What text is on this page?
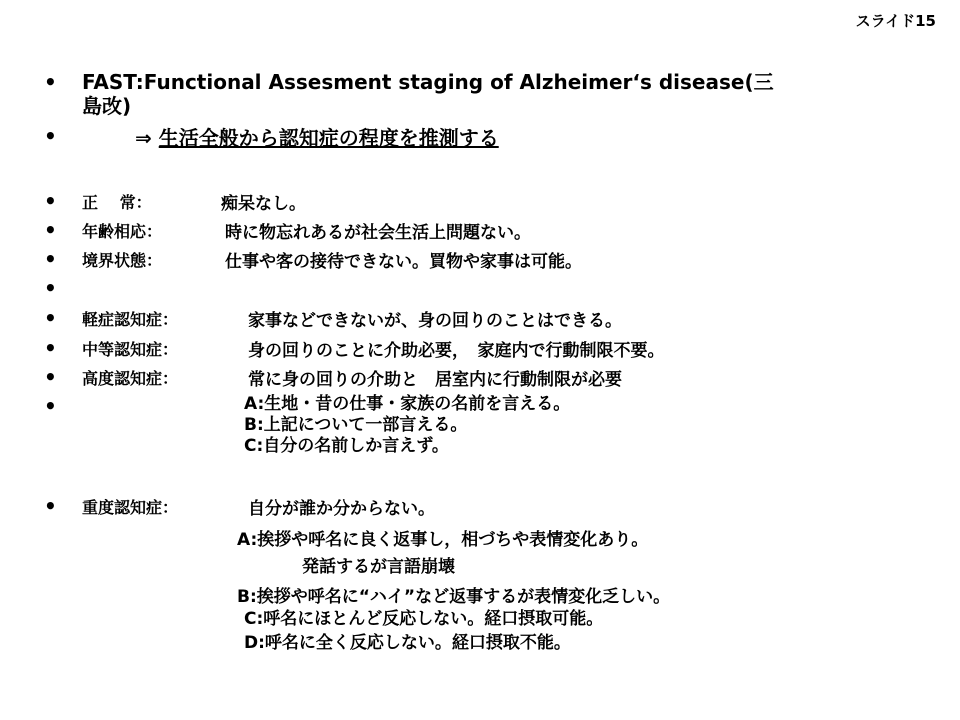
スライド15
• FAST:Functional Assesment staging of Alzheimer‘s disease(三
島改)
•	⇒ 生活全般から認知症の程度を推測する
• 正　 常：	痴呆なし。
• 年齢相応：	時に物忘れあるが社会生活上問題ない。
• 境界状態：	仕事や客の接待できない。買物や家事は可能。
•
• 軽症認知症：	家事などできないが、身の回りのことはできる。
• 中等認知症：	身の回りのことに介助必要，　家庭内で行動制限不要。
• 高度認知症：	常に身の回りの介助と　居室内に行動制限が必要
•	A:生地・昔の仕事・家族の名前を言える。
B:上記について一部言える。
C:自分の名前しか言えず。
• 重度認知症：	自分が誰か分からない。
A:挨拶や呼名に良く返事し，相づちや表情変化あり。
発話するが言語崩壊
B:挨拶や呼名に“ハイ”など返事するが表情変化乏しい。
C:呼名にほとんど反応しない。経口摂取可能。
D:呼名に全く反応しない。経口摂取不能。
